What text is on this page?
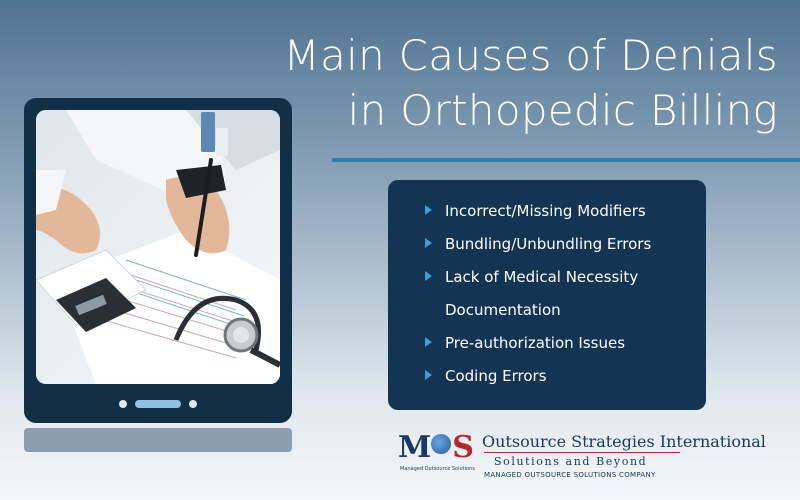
Main Causes of Denials
in Orthopedic Billing
Incorrect/Missing Modifiers
Bundling/Unbundling Errors
Lack of Medical Necessity
Documentation
Pre-authorization Issues
Coding Errors
M S
Managed Outsource Solutions
Outsource Strategies International
Solutions and Beyond
MANAGED OUTSOURCE SOLUTIONS COMPANY
